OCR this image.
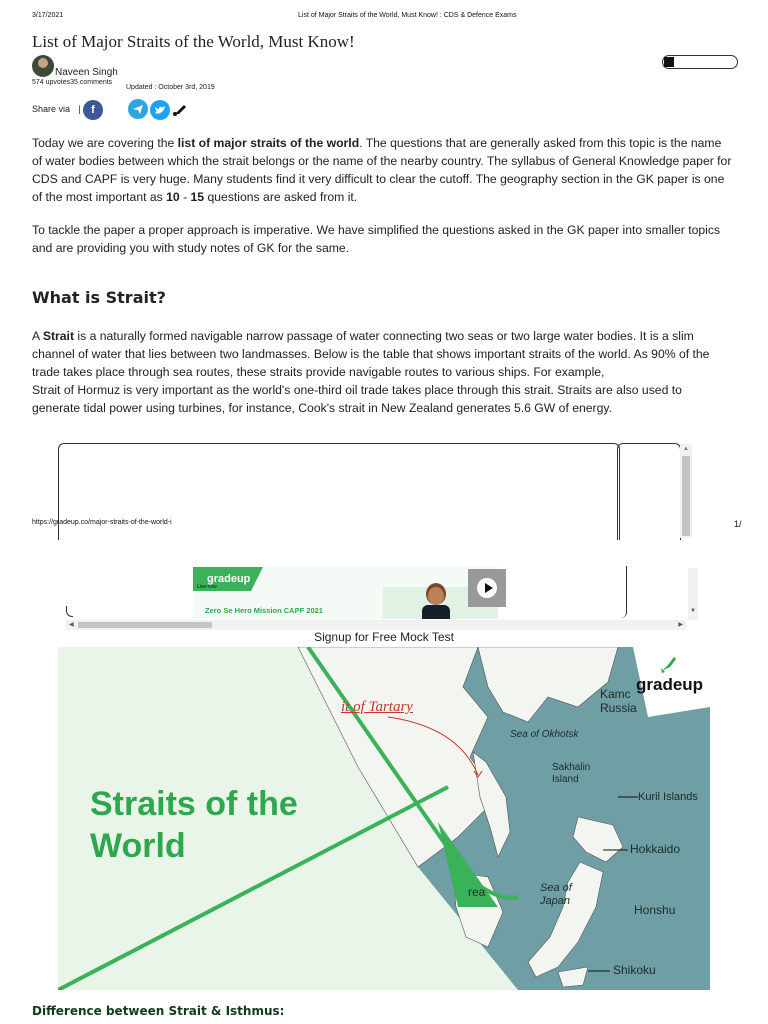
3/17/2021	List of Major Straits of the World, Must Know! : CDS & Defence Exams
List of Major Straits of the World, Must Know!
Naveen Singh
574 upvotes35 comments
Updated : October 3rd, 2019
Share via | f
Today we are covering the list of major straits of the world. The questions that are generally asked from this topic is the name of water bodies between which the strait belongs or the name of the nearby country. The syllabus of General Knowledge paper for CDS and CAPF is very huge. Many students find it very difficult to clear the cutoff. The geography section in the GK paper is one of the most important as 10 - 15 questions are asked from it.
To tackle the paper a proper approach is imperative. We have simplified the questions asked in the GK paper into smaller topics and are providing you with study notes of GK for the same.
What is Strait?
A Strait is a naturally formed navigable narrow passage of water connecting two seas or two large water bodies. It is a slim channel of water that lies between two landmasses. Below is the table that shows important straits of the world. As 90% of the trade takes place through sea routes, these straits provide navigable routes to various ships. For example,
Strait of Hormuz is very important as the world's one-third oil trade takes place through this strait. Straits are also used to generate tidal power using turbines, for instance, Cook's strait in New Zealand generates 5.6 GW of energy.
▲
https://gradeup.co/major-straits-of-the-world-i	1/
gradeup
Live now
Zero Se Hero Mission CAPF 2021	▼
◀	▶
Signup for Free Mock Test
Straits of the
World
it of Tartary
Sea of Okhotsk
Sakhalin
Island
Kamc
Russia
Kuril Islands
Hokkaido
Honshu
Shikoku
Sea of
Japan
rea
gradeup
Difference between Strait & Isthmus:
